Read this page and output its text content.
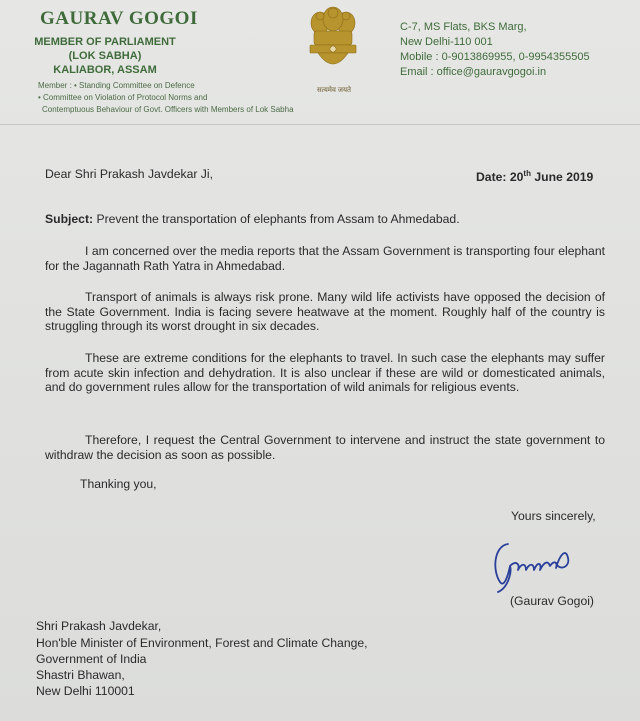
GAURAV GOGOI
MEMBER OF PARLIAMENT
(LOK SABHA)
KALIABOR, ASSAM
Member : • Standing Committee on Defence
• Committee on Violation of Protocol Norms and
Contemptuous Behaviour of Govt. Officers with Members of Lok Sabha
सत्यमेव जयते
C-7, MS Flats, BKS Marg,
New Delhi-110 001
Mobile : 0-9013869955, 0-9954355505
Email : office@gauravgogoi.in
Dear Shri Prakash Javdekar Ji,	Date: 20th June 2019
Subject: Prevent the transportation of elephants from Assam to Ahmedabad.
I am concerned over the media reports that the Assam Government is transporting four elephant for the Jagannath Rath Yatra in Ahmedabad.
Transport of animals is always risk prone. Many wild life activists have opposed the decision of the State Government. India is facing severe heatwave at the moment. Roughly half of the country is struggling through its worst drought in six decades.
These are extreme conditions for the elephants to travel. In such case the elephants may suffer from acute skin infection and dehydration. It is also unclear if these are wild or domesticated animals, and do government rules allow for the transportation of wild animals for religious events.
Therefore, I request the Central Government to intervene and instruct the state government to withdraw the decision as soon as possible.
Thanking you,
Yours sincerely,
(Gaurav Gogoi)
Shri Prakash Javdekar,
Hon'ble Minister of Environment, Forest and Climate Change,
Government of India
Shastri Bhawan,
New Delhi 110001
